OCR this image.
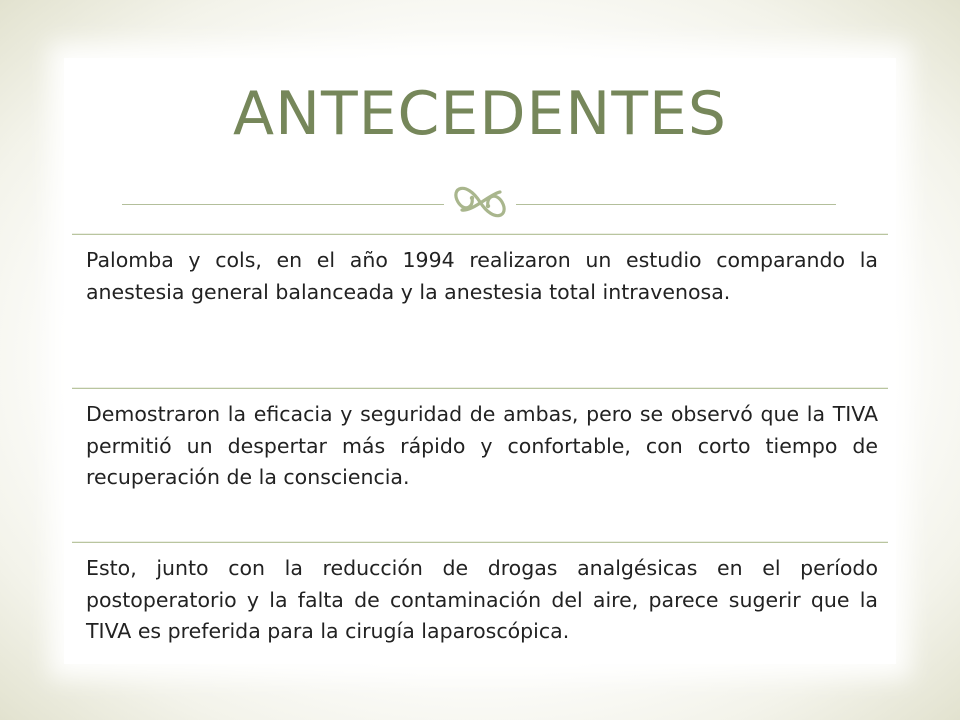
ANTECEDENTES

Palomba y cols, en el año 1994 realizaron un estudio comparando la anestesia general balanceada y la anestesia total intravenosa.

Demostraron la eficacia y seguridad de ambas, pero se observó que la TIVA permitió un despertar más rápido y confortable, con corto tiempo de recuperación de la consciencia.

Esto, junto con la reducción de drogas analgésicas en el período postoperatorio y la falta de contaminación del aire, parece sugerir que la TIVA es preferida para la cirugía laparoscópica.
